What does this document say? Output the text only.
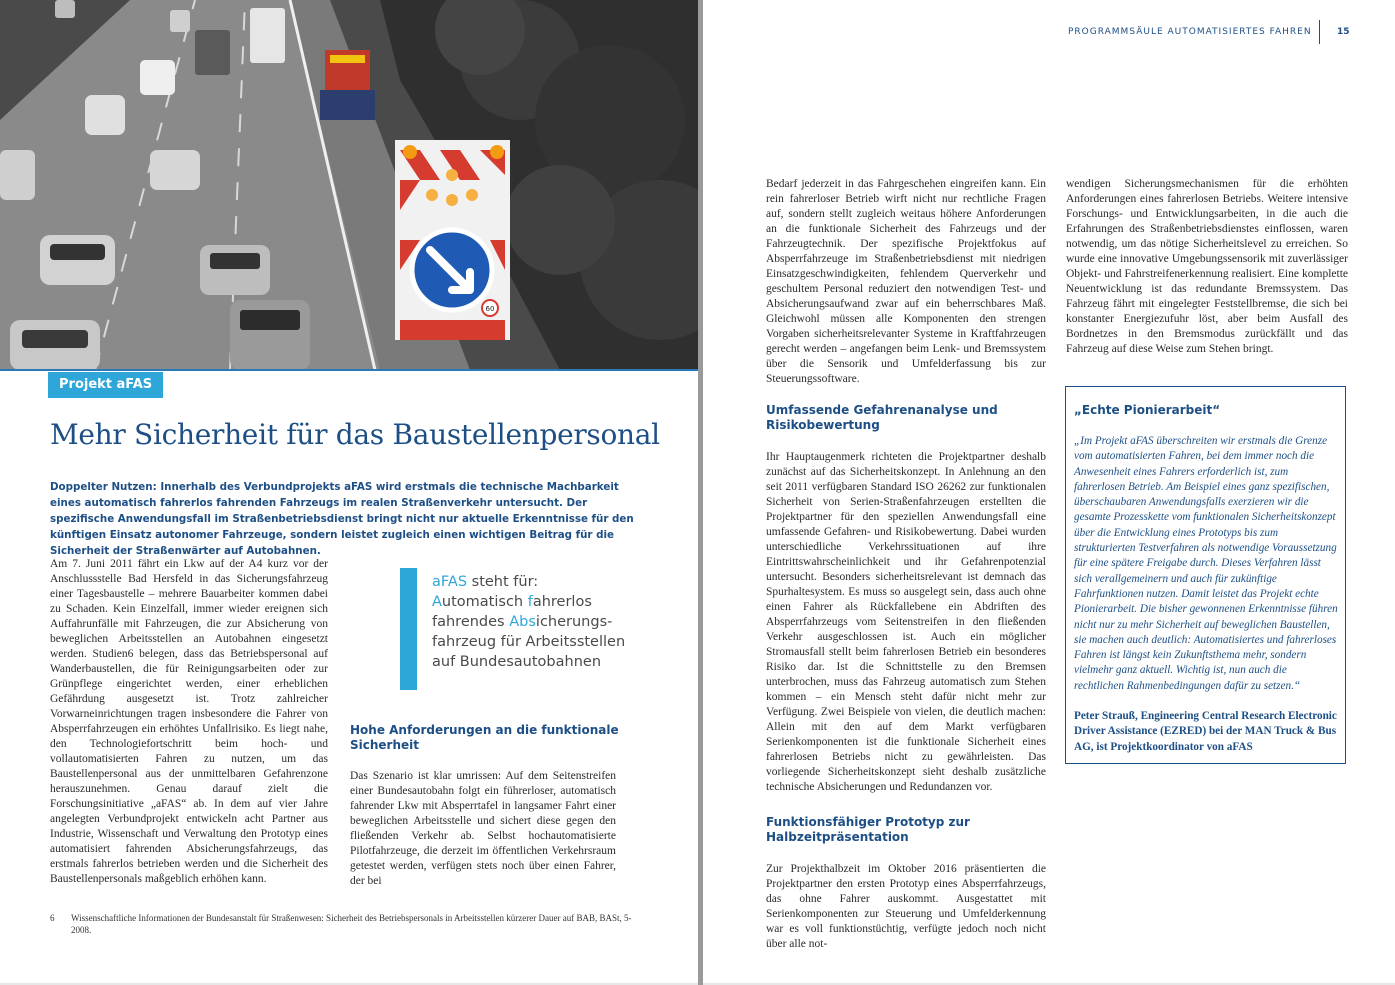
60
Projekt aFAS
Mehr Sicherheit für das Baustellenpersonal

Doppelter Nutzen: Innerhalb des Verbundprojekts aFAS wird erstmals die technische Machbarkeit eines automatisch fahrerlos fahrenden Fahrzeugs im realen Straßenverkehr untersucht. Der spezifische Anwendungsfall im Straßenbetriebsdienst bringt nicht nur aktuelle Erkenntnisse für den künftigen Einsatz autonomer Fahrzeuge, sondern leistet zugleich einen wichtigen Beitrag für die Sicherheit der Straßenwärter auf Autobahnen.

Am 7. Juni 2011 fährt ein Lkw auf der A4 kurz vor der Anschlussstelle Bad Hersfeld in das Sicherungsfahrzeug einer Tagesbaustelle – mehrere Bauarbeiter kommen dabei zu Schaden. Kein Einzelfall, immer wieder ereignen sich Auffahrunfälle mit Fahrzeugen, die zur Absicherung von beweglichen Arbeitsstellen an Autobahnen eingesetzt werden. Studien6 belegen, dass das Betriebspersonal auf Wanderbaustellen, die für Reinigungsarbeiten oder zur Grünpflege eingerichtet werden, einer erheblichen Gefährdung ausgesetzt ist. Trotz zahlreicher Vorwarneinrichtungen tragen insbesondere die Fahrer von Absperrfahrzeugen ein erhöhtes Unfallrisiko. Es liegt nahe, den Technologiefortschritt beim hoch- und vollautomatisierten Fahren zu nutzen, um das Baustellenpersonal aus der unmittelbaren Gefahrenzone herauszunehmen. Genau darauf zielt die Forschungsinitiative „aFAS“ ab. In dem auf vier Jahre angelegten Verbundprojekt entwickeln acht Partner aus Industrie, Wissenschaft und Verwaltung den Prototyp eines automatisiert fahrenden Absicherungsfahrzeugs, das erstmals fahrerlos betrieben werden und die Sicherheit des Baustellenpersonals maßgeblich erhöhen kann.

aFAS steht für:
Automatisch fahrerlos
fahrendes Absicherungs-
fahrzeug für Arbeitsstellen
auf Bundesautobahnen

Hohe Anforderungen an die funktionale Sicherheit

Das Szenario ist klar umrissen: Auf dem Seitenstreifen einer Bundesautobahn folgt ein führerloser, automatisch fahrender Lkw mit Absperrtafel in langsamer Fahrt einer beweglichen Arbeitsstelle und sichert diese gegen den fließenden Verkehr ab. Selbst hochautomatisierte Pilotfahrzeuge, die derzeit im öffentlichen Verkehrsraum getestet werden, verfügen stets noch über einen Fahrer, der bei

6 Wissenschaftliche Informationen der Bundesanstalt für Straßenwesen: Sicherheit des Betriebspersonals in Arbeitsstellen kürzerer Dauer auf BAB, BASt, 5-2008.

PROGRAMMSÄULE AUTOMATISIERTES FAHREN	15

Bedarf jederzeit in das Fahrgeschehen eingreifen kann. Ein rein fahrerloser Betrieb wirft nicht nur rechtliche Fragen auf, sondern stellt zugleich weitaus höhere Anforderungen an die funktionale Sicherheit des Fahrzeugs und der Fahrzeugtechnik. Der spezifische Projektfokus auf Absperrfahrzeuge im Straßenbetriebsdienst mit niedrigen Einsatzgeschwindigkeiten, fehlendem Querverkehr und geschultem Personal reduziert den notwendigen Test- und Absicherungsaufwand zwar auf ein beherrschbares Maß. Gleichwohl müssen alle Komponenten den strengen Vorgaben sicherheitsrelevanter Systeme in Kraftfahrzeugen gerecht werden – angefangen beim Lenk- und Bremssystem über die Sensorik und Umfelderfassung bis zur Steuerungssoftware.

Umfassende Gefahrenanalyse und Risikobewertung

Ihr Hauptaugenmerk richteten die Projektpartner deshalb zunächst auf das Sicherheitskonzept. In Anlehnung an den seit 2011 verfügbaren Standard ISO 26262 zur funktionalen Sicherheit von Serien-Straßenfahrzeugen erstellten die Projektpartner für den speziellen Anwendungsfall eine umfassende Gefahren- und Risikobewertung. Dabei wurden unterschiedliche Verkehrssituationen auf ihre Eintrittswahrscheinlichkeit und ihr Gefahrenpotenzial untersucht. Besonders sicherheitsrelevant ist demnach das Spurhaltesystem. Es muss so ausgelegt sein, dass auch ohne einen Fahrer als Rückfallebene ein Abdriften des Absperrfahrzeugs vom Seitenstreifen in den fließenden Verkehr ausgeschlossen ist. Auch ein möglicher Stromausfall stellt beim fahrerlosen Betrieb ein besonderes Risiko dar. Ist die Schnittstelle zu den Bremsen unterbrochen, muss das Fahrzeug automatisch zum Stehen kommen – ein Mensch steht dafür nicht mehr zur Verfügung. Zwei Beispiele von vielen, die deutlich machen: Allein mit den auf dem Markt verfügbaren Serienkomponenten ist die funktionale Sicherheit eines fahrerlosen Betriebs nicht zu gewährleisten. Das vorliegende Sicherheitskonzept sieht deshalb zusätzliche technische Absicherungen und Redundanzen vor.

Funktionsfähiger Prototyp zur Halbzeitpräsentation

Zur Projekthalbzeit im Oktober 2016 präsentierten die Projektpartner den ersten Prototyp eines Absperrfahrzeugs, das ohne Fahrer auskommt. Ausgestattet mit Serienkomponenten zur Steuerung und Umfelderkennung war es voll funktionstüchtig, verfügte jedoch noch nicht über alle not-

wendigen Sicherungsmechanismen für die erhöhten Anforderungen eines fahrerlosen Betriebs. Weitere intensive Forschungs- und Entwicklungsarbeiten, in die auch die Erfahrungen des Straßenbetriebsdienstes einflossen, waren notwendig, um das nötige Sicherheitslevel zu erreichen. So wurde eine innovative Umgebungssensorik mit zuverlässiger Objekt- und Fahrstreifenerkennung realisiert. Eine komplette Neuentwicklung ist das redundante Bremssystem. Das Fahrzeug fährt mit eingelegter Feststellbremse, die sich bei konstanter Energiezufuhr löst, aber beim Ausfall des Bordnetzes in den Bremsmodus zurückfällt und das Fahrzeug auf diese Weise zum Stehen bringt.

„Echte Pionierarbeit“

„Im Projekt aFAS überschreiten wir erstmals die Grenze vom automatisierten Fahren, bei dem immer noch die Anwesenheit eines Fahrers erforderlich ist, zum fahrerlosen Betrieb. Am Beispiel eines ganz spezifischen, überschaubaren Anwendungsfalls exerzieren wir die gesamte Prozesskette vom funktionalen Sicherheitskonzept über die Entwicklung eines Prototyps bis zum strukturierten Testverfahren als notwendige Voraussetzung für eine spätere Freigabe durch. Dieses Verfahren lässt sich verallgemeinern und auch für zukünftige Fahrfunktionen nutzen. Damit leistet das Projekt echte Pionierarbeit. Die bisher gewonnenen Erkenntnisse führen nicht nur zu mehr Sicherheit auf beweglichen Baustellen, sie machen auch deutlich: Automatisiertes und fahrerloses Fahren ist längst kein Zukunftsthema mehr, sondern vielmehr ganz aktuell. Wichtig ist, nun auch die rechtlichen Rahmenbedingungen dafür zu setzen.“

Peter Strauß, Engineering Central Research Electronic Driver Assistance (EZRED) bei der MAN Truck & Bus AG, ist Projektkoordinator von aFAS
